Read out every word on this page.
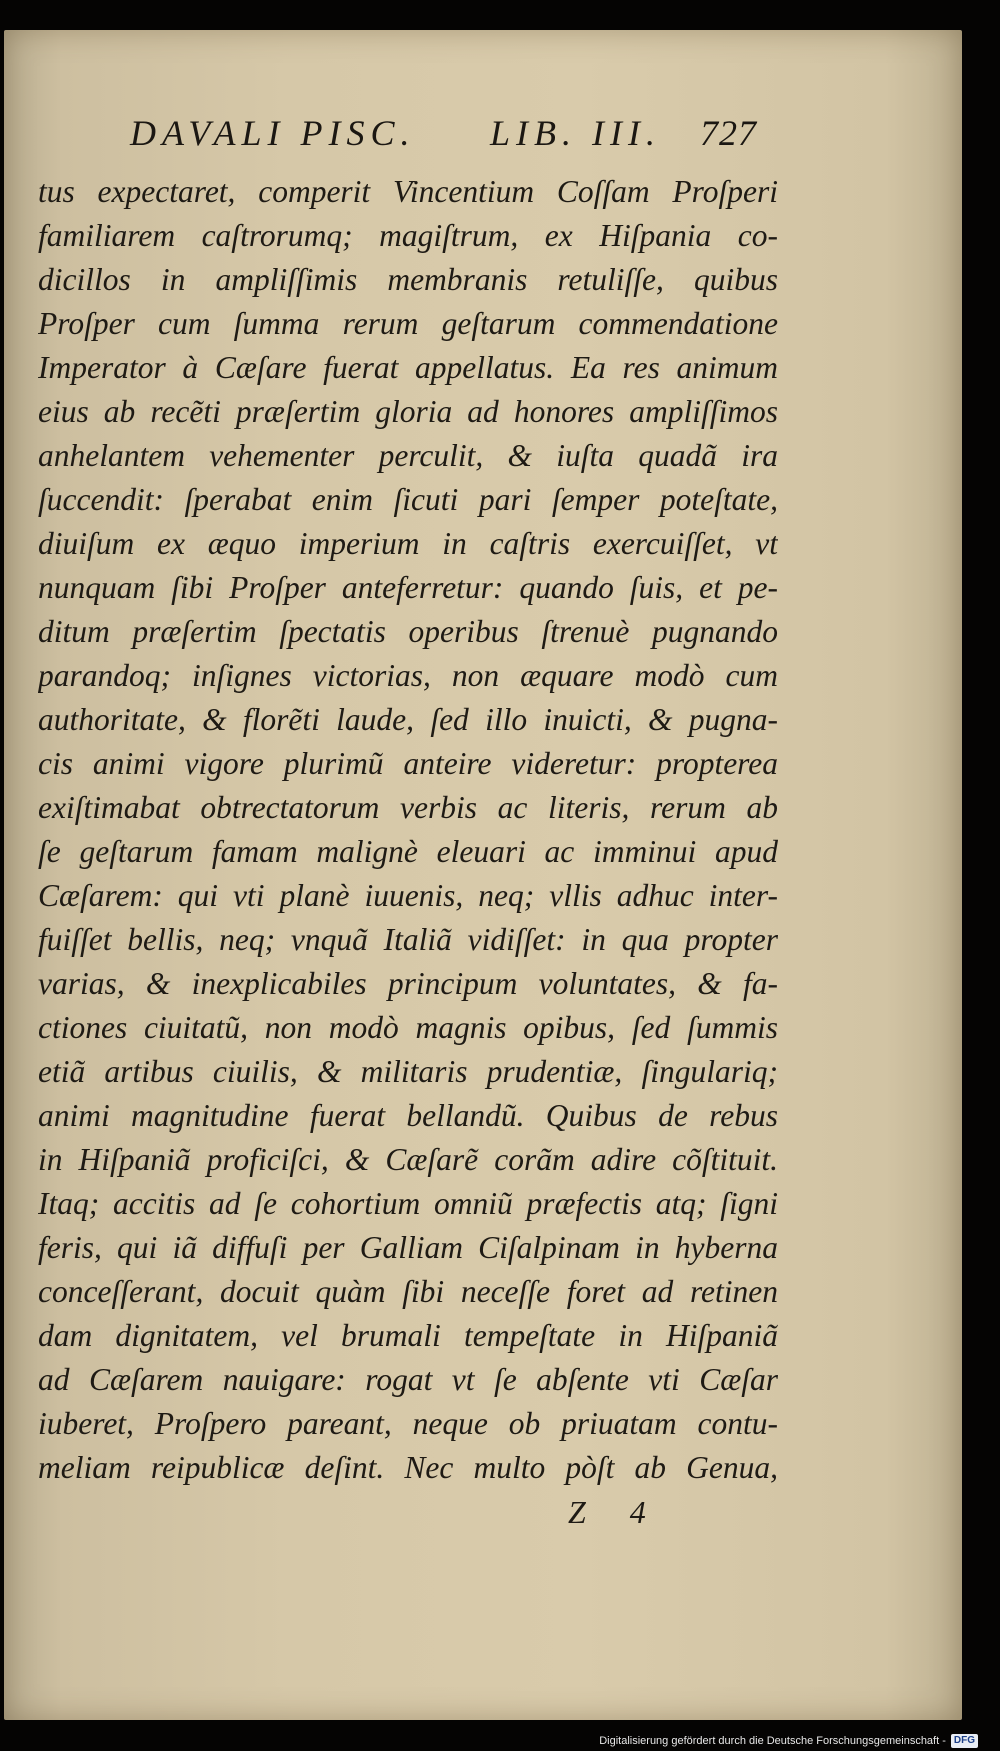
DAVALI PISC. LIB. III. 727
tus expectaret, comperit Vincentium Coſſam Proſperi
familiarem caſtrorumq; magiſtrum, ex Hiſpania co-
dicillos in ampliſſimis membranis retuliſſe, quibus
Proſper cum ſumma rerum geſtarum commendatione
Imperator à Cæſare fuerat appellatus. Ea res animum
eius ab recẽti præſertim gloria ad honores ampliſſimos
anhelantem vehementer perculit, & iuſta quadã ira
ſuccendit: ſperabat enim ſicuti pari ſemper poteſtate,
diuiſum ex æquo imperium in caſtris exercuiſſet, vt
nunquam ſibi Proſper anteferretur: quando ſuis, et pe-
ditum præſertim ſpectatis operibus ſtrenuè pugnando
parandoq; inſignes victorias, non æquare modò cum
authoritate, & florẽti laude, ſed illo inuicti, & pugna-
cis animi vigore plurimũ anteire videretur: propterea
exiſtimabat obtrectatorum verbis ac literis, rerum ab
ſe geſtarum famam malignè eleuari ac imminui apud
Cæſarem: qui vti planè iuuenis, neq; vllis adhuc inter-
fuiſſet bellis, neq; vnquã Italiã vidiſſet: in qua propter
varias, & inexplicabiles principum voluntates, & fa-
ctiones ciuitatũ, non modò magnis opibus, ſed ſummis
etiã artibus ciuilis, & militaris prudentiæ, ſingulariq;
animi magnitudine fuerat bellandũ. Quibus de rebus
in Hiſpaniã proficiſci, & Cæſarẽ corãm adire cõſtituit.
Itaq; accitis ad ſe cohortium omniũ præfectis atq; ſigni
feris, qui iã diffuſi per Galliam Ciſalpinam in hyberna
conceſſerant, docuit quàm ſibi neceſſe foret ad retinen
dam dignitatem, vel brumali tempeſtate in Hiſpaniã
ad Cæſarem nauigare: rogat vt ſe abſente vti Cæſar
iuberet, Proſpero pareant, neque ob priuatam contu-
meliam reipublicæ deſint. Nec multo pòſt ab Genua,
Z 4
Digitalisierung gefördert durch die Deutsche Forschungsgemeinschaft - DFG
